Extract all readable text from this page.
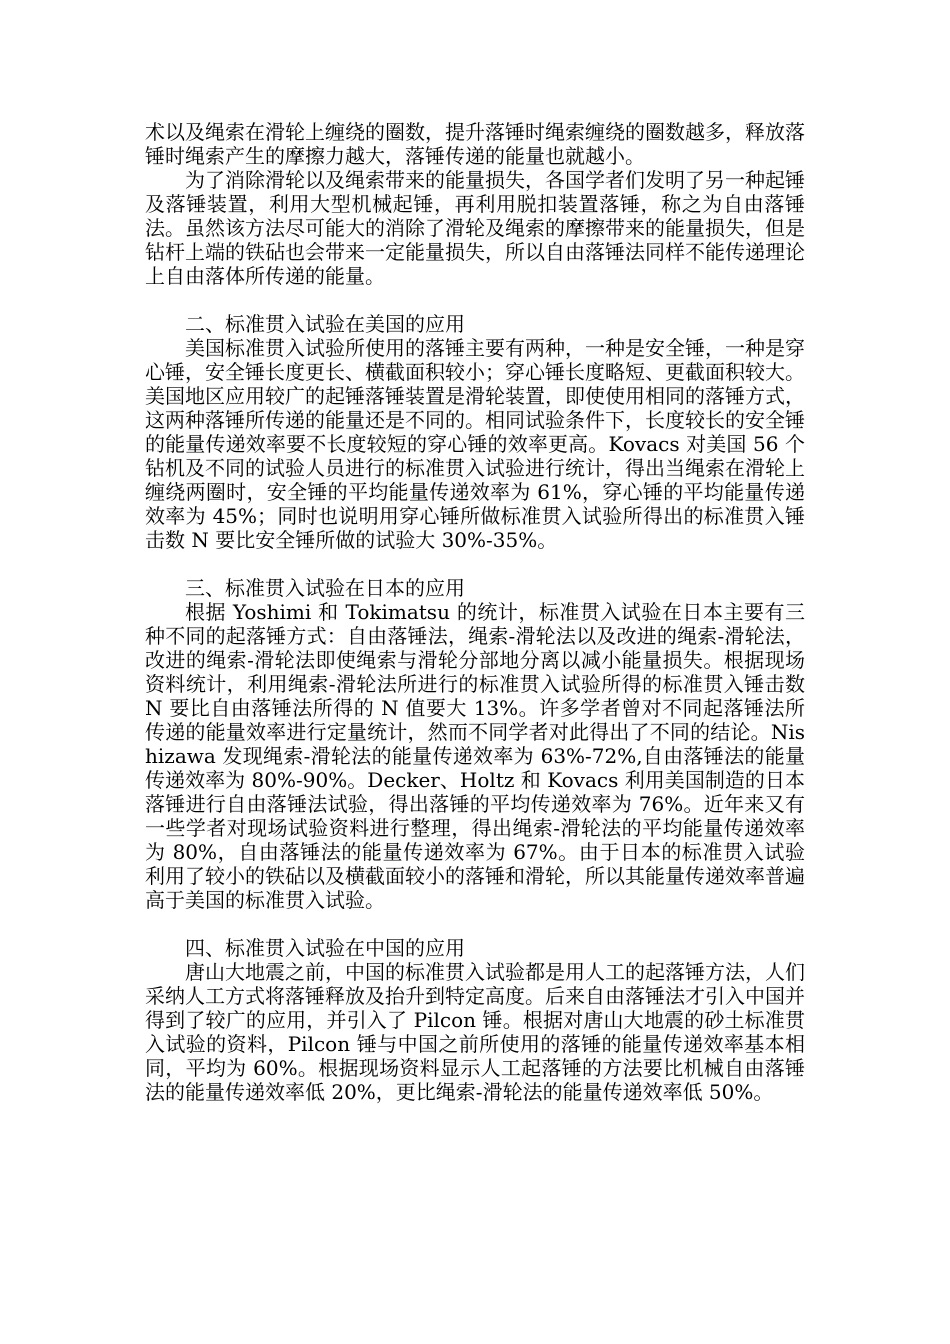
术以及绳索在滑轮上缠绕的圈数，提升落锤时绳索缠绕的圈数越多，释放落锤时绳索产生的摩擦力越大，落锤传递的能量也就越小。

为了消除滑轮以及绳索带来的能量损失，各国学者们发明了另一种起锤及落锤装置，利用大型机械起锤，再利用脱扣装置落锤，称之为自由落锤法。虽然该方法尽可能大的消除了滑轮及绳索的摩擦带来的能量损失，但是钻杆上端的铁砧也会带来一定能量损失，所以自由落锤法同样不能传递理论上自由落体所传递的能量。

二、标准贯入试验在美国的应用

美国标准贯入试验所使用的落锤主要有两种，一种是安全锤，一种是穿心锤，安全锤长度更长、横截面积较小；穿心锤长度略短、更截面积较大。美国地区应用较广的起锤落锤装置是滑轮装置，即使使用相同的落锤方式，这两种落锤所传递的能量还是不同的。相同试验条件下，长度较长的安全锤的能量传递效率要不长度较短的穿心锤的效率更高。Kovacs 对美国 56 个钻机及不同的试验人员进行的标准贯入试验进行统计，得出当绳索在滑轮上缠绕两圈时，安全锤的平均能量传递效率为 61%，穿心锤的平均能量传递效率为 45%；同时也说明用穿心锤所做标准贯入试验所得出的标准贯入锤击数 N 要比安全锤所做的试验大 30%-35%。

三、标准贯入试验在日本的应用

根据 Yoshimi 和 Tokimatsu 的统计，标准贯入试验在日本主要有三种不同的起落锤方式：自由落锤法，绳索-滑轮法以及改进的绳索-滑轮法，改进的绳索-滑轮法即使绳索与滑轮分部地分离以减小能量损失。根据现场资料统计，利用绳索-滑轮法所进行的标准贯入试验所得的标准贯入锤击数 N 要比自由落锤法所得的 N 值要大 13%。许多学者曾对不同起落锤法所传递的能量效率进行定量统计，然而不同学者对此得出了不同的结论。Nishizawa 发现绳索-滑轮法的能量传递效率为 63%-72%,自由落锤法的能量传递效率为 80%-90%。Decker、Holtz 和 Kovacs 利用美国制造的日本落锤进行自由落锤法试验，得出落锤的平均传递效率为 76%。近年来又有一些学者对现场试验资料进行整理，得出绳索-滑轮法的平均能量传递效率为 80%，自由落锤法的能量传递效率为 67%。由于日本的标准贯入试验利用了较小的铁砧以及横截面较小的落锤和滑轮，所以其能量传递效率普遍高于美国的标准贯入试验。

四、标准贯入试验在中国的应用

唐山大地震之前，中国的标准贯入试验都是用人工的起落锤方法，人们采纳人工方式将落锤释放及抬升到特定高度。后来自由落锤法才引入中国并得到了较广的应用，并引入了 Pilcon 锤。根据对唐山大地震的砂土标准贯入试验的资料，Pilcon 锤与中国之前所使用的落锤的能量传递效率基本相同，平均为 60%。根据现场资料显示人工起落锤的方法要比机械自由落锤法的能量传递效率低 20%，更比绳索-滑轮法的能量传递效率低 50%。
